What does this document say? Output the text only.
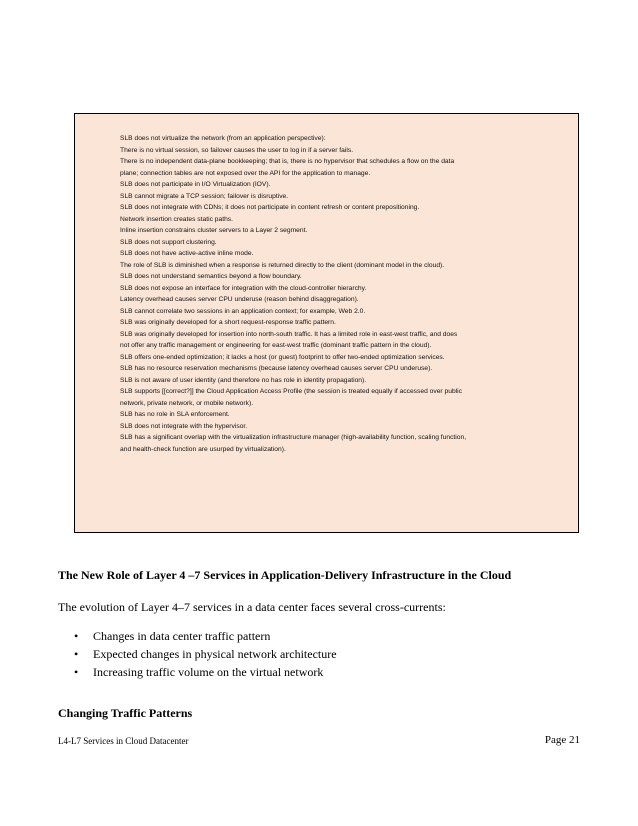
SLB does not virtualize the network (from an application perspective):
There is no virtual session, so failover causes the user to log in if a server fails.
There is no independent data-plane bookkeeping; that is, there is no hypervisor that schedules a flow on the data
plane; connection tables are not exposed over the API for the application to manage.
SLB does not participate in I/O Virtualization (IOV).
SLB cannot migrate a TCP session; failover is disruptive.
SLB does not integrate with CDNs; it does not participate in content refresh or content prepositioning.
Network insertion creates static paths.
Inline insertion constrains cluster servers to a Layer 2 segment.
SLB does not support clustering.
SLB does not have active-active inline mode.
The role of SLB is diminished when a response is returned directly to the client (dominant model in the cloud).
SLB does not understand semantics beyond a flow boundary.
SLB does not expose an interface for integration with the cloud-controller hierarchy.
Latency overhead causes server CPU underuse (reason behind disaggregation).
SLB cannot correlate two sessions in an application context; for example, Web 2.0.
SLB was originally developed for a short request-response traffic pattern.
SLB was originally developed for insertion into north-south traffic. It has a limited role in east-west traffic, and does
not offer any traffic management or engineering for east-west traffic (dominant traffic pattern in the cloud).
SLB offers one-ended optimization; it lacks a host (or guest) footprint to offer two-ended optimization services.
SLB has no resource reservation mechanisms (because latency overhead causes server CPU underuse).
SLB is not aware of user identity (and therefore no has role in identity propagation).
SLB supports [[correct?]] the Cloud Application Access Profile (the session is treated equally if accessed over public
network, private network, or mobile network).
SLB has no role in SLA enforcement.
SLB does not integrate with the hypervisor.
SLB has a significant overlap with the virtualization infrastructure manager (high-availability function, scaling function,
and health-check function are usurped by virtualization).
The New Role of Layer 4 –7 Services in Application-Delivery Infrastructure in the Cloud
The evolution of Layer 4–7 services in a data center faces several cross-currents:
• Changes in data center traffic pattern
• Expected changes in physical network architecture
• Increasing traffic volume on the virtual network
Changing Traffic Patterns
L4-L7 Services in Cloud Datacenter	Page 21
